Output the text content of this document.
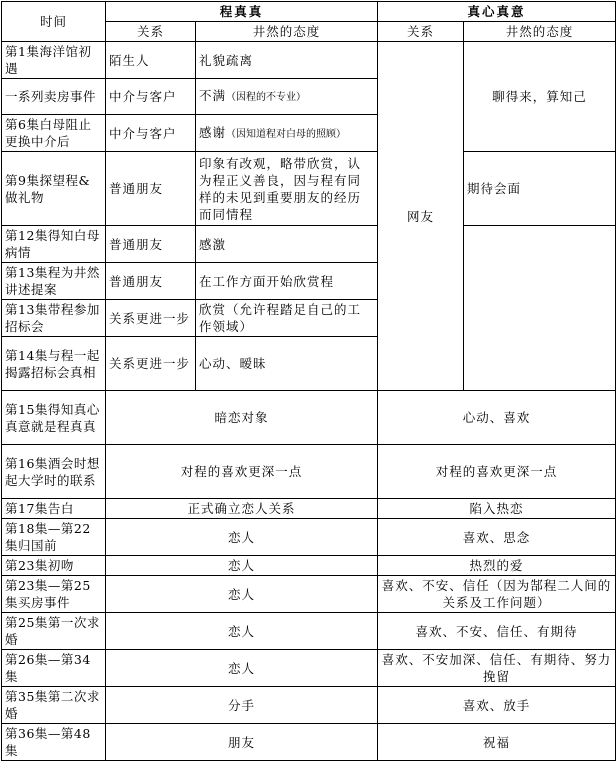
时间	程真真		真心真意	
	关系	井然的态度	关系	井然的态度
第1集海洋馆初遇	陌生人	礼貌疏离	网友	聊得来，算知己
一系列卖房事件	中介与客户	不满（因程的不专业）		
第6集白母阻止更换中介后	中介与客户	感谢（因知道程对白母的照顾）		
第9集探望程&做礼物	普通朋友	印象有改观，略带欣赏，认为程正义善良，因与程有同样的未见到重要朋友的经历而同情程		期待会面
第12集得知白母病情	普通朋友	感激		
第13集程为井然讲述提案	普通朋友	在工作方面开始欣赏程		
第13集带程参加招标会	关系更进一步	欣赏（允许程踏足自己的工作领域）		
第14集与程一起揭露招标会真相	关系更进一步	心动、暧昧		
第15集得知真心真意就是程真真	暗恋对象		心动、喜欢	
第16集酒会时想起大学时的联系	对程的喜欢更深一点		对程的喜欢更深一点	
第17集告白	正式确立恋人关系		陷入热恋	
第18集—第22集归国前	恋人		喜欢、思念	
第23集初吻	恋人		热烈的爱	
第23集—第25集买房事件	恋人		喜欢、不安、信任（因为郜程二人间的关系及工作问题）	
第25集第一次求婚	恋人		喜欢、不安、信任、有期待	
第26集—第34集	恋人		喜欢、不安加深、信任、有期待、努力挽留	
第35集第二次求婚	分手		喜欢、放手	
第36集—第48集	朋友		祝福	
